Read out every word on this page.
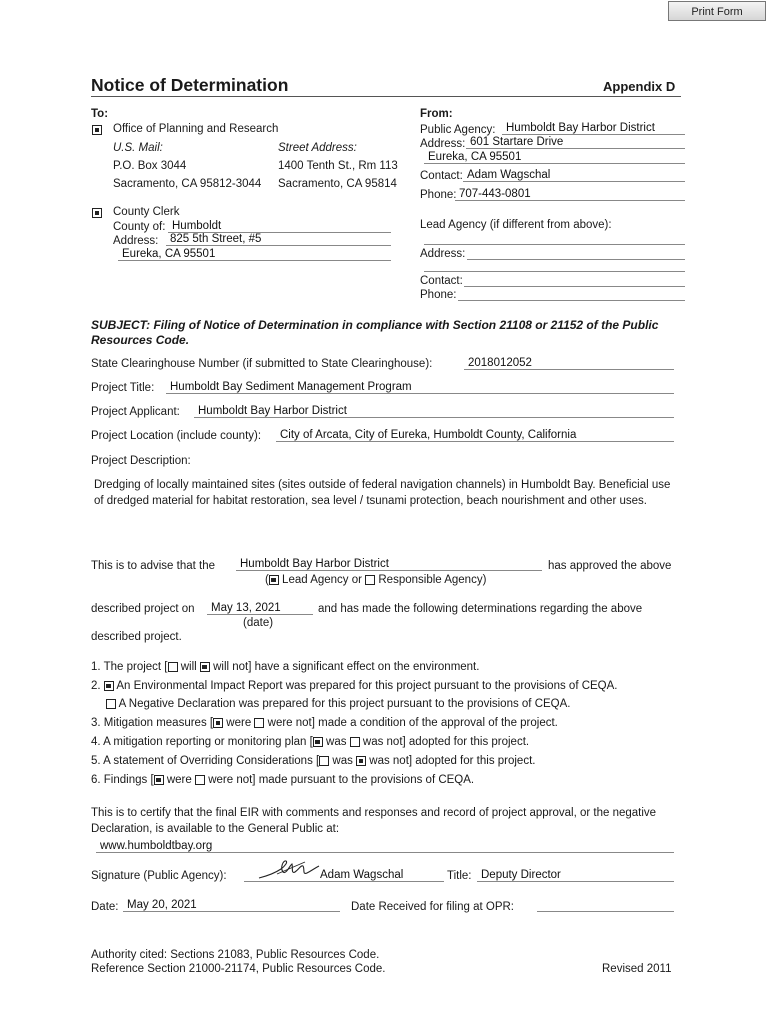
Print Form
Notice of Determination	Appendix D
To:
Office of Planning and Research
U.S. Mail:	Street Address:
P.O. Box 3044	1400 Tenth St., Rm 113
Sacramento, CA 95812-3044 Sacramento, CA 95814
County Clerk
County of: Humboldt
Address:	825 5th Street, #5
Eureka, CA 95501
From:
Public Agency: Humboldt Bay Harbor District
Address: 601 Startare Drive
Eureka, CA 95501
Contact: Adam Wagschal
Phone: 707-443-0801
Lead Agency (if different from above):
Address:
Contact:
Phone:
SUBJECT: Filing of Notice of Determination in compliance with Section 21108 or 21152 of the Public Resources Code.
State Clearinghouse Number (if submitted to State Clearinghouse):	2018012052
Project Title:	Humboldt Bay Sediment Management Program
Project Applicant:	Humboldt Bay Harbor District
Project Location (include county):	City of Arcata, City of Eureka, Humboldt County, California
Project Description:
Dredging of locally maintained sites (sites outside of federal navigation channels) in Humboldt Bay. Beneficial use of dredged material for habitat restoration, sea level / tsunami protection, beach nourishment and other uses.
This is to advise that the	Humboldt Bay Harbor District	has approved the above
( Lead Agency or Responsible Agency)
described project on	May 13, 2021
(date)
and has made the following determinations regarding the above
described project.
1. The project [ will will not] have a significant effect on the environment.
2. An Environmental Impact Report was prepared for this project pursuant to the provisions of CEQA.
A Negative Declaration was prepared for this project pursuant to the provisions of CEQA.
3. Mitigation measures [ were were not] made a condition of the approval of the project.
4. A mitigation reporting or monitoring plan [ was was not] adopted for this project.
5. A statement of Overriding Considerations [ was was not] adopted for this project.
6. Findings [ were were not] made pursuant to the provisions of CEQA.
This is to certify that the final EIR with comments and responses and record of project approval, or the negative Declaration, is available to the General Public at:
www.humboldtbay.org
Signature (Public Agency):	Adam Wagschal	Title: Deputy Director
Date: May 20, 2021	Date Received for filing at OPR:
Authority cited: Sections 21083, Public Resources Code.
Reference Section 21000-21174, Public Resources Code.	Revised 2011
